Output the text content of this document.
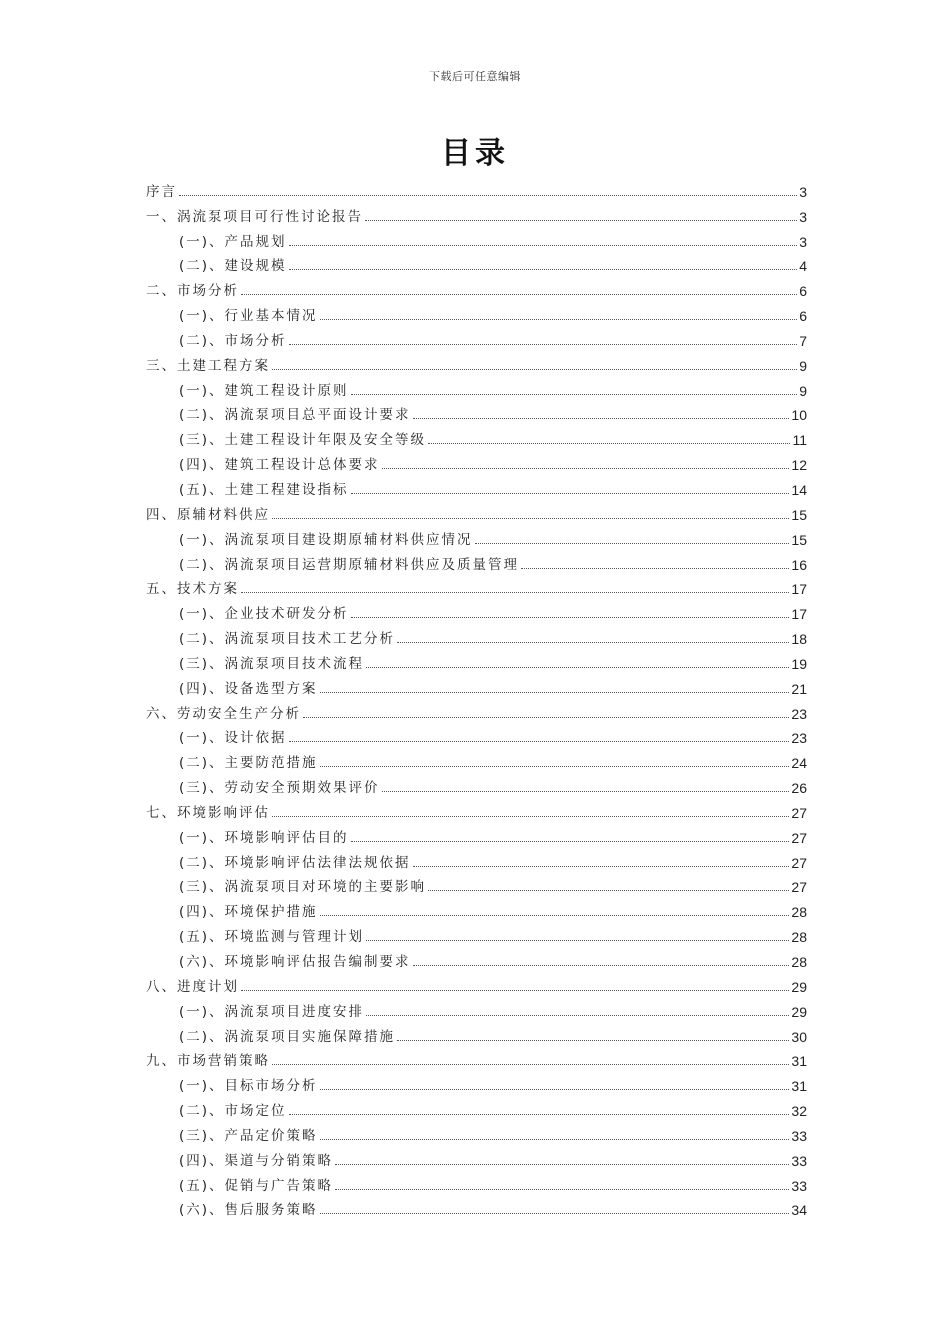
下载后可任意编辑
目录
序言	3
一、涡流泵项目可行性讨论报告	3
(一)、产品规划	3
(二)、建设规模	4
二、市场分析	6
(一)、行业基本情况	6
(二)、市场分析	7
三、土建工程方案	9
(一)、建筑工程设计原则	9
(二)、涡流泵项目总平面设计要求	10
(三)、土建工程设计年限及安全等级	11
(四)、建筑工程设计总体要求	12
(五)、土建工程建设指标	14
四、原辅材料供应	15
(一)、涡流泵项目建设期原辅材料供应情况	15
(二)、涡流泵项目运营期原辅材料供应及质量管理	16
五、技术方案	17
(一)、企业技术研发分析	17
(二)、涡流泵项目技术工艺分析	18
(三)、涡流泵项目技术流程	19
(四)、设备选型方案	21
六、劳动安全生产分析	23
(一)、设计依据	23
(二)、主要防范措施	24
(三)、劳动安全预期效果评价	26
七、环境影响评估	27
(一)、环境影响评估目的	27
(二)、环境影响评估法律法规依据	27
(三)、涡流泵项目对环境的主要影响	27
(四)、环境保护措施	28
(五)、环境监测与管理计划	28
(六)、环境影响评估报告编制要求	28
八、进度计划	29
(一)、涡流泵项目进度安排	29
(二)、涡流泵项目实施保障措施	30
九、市场营销策略	31
(一)、目标市场分析	31
(二)、市场定位	32
(三)、产品定价策略	33
(四)、渠道与分销策略	33
(五)、促销与广告策略	33
(六)、售后服务策略	34
